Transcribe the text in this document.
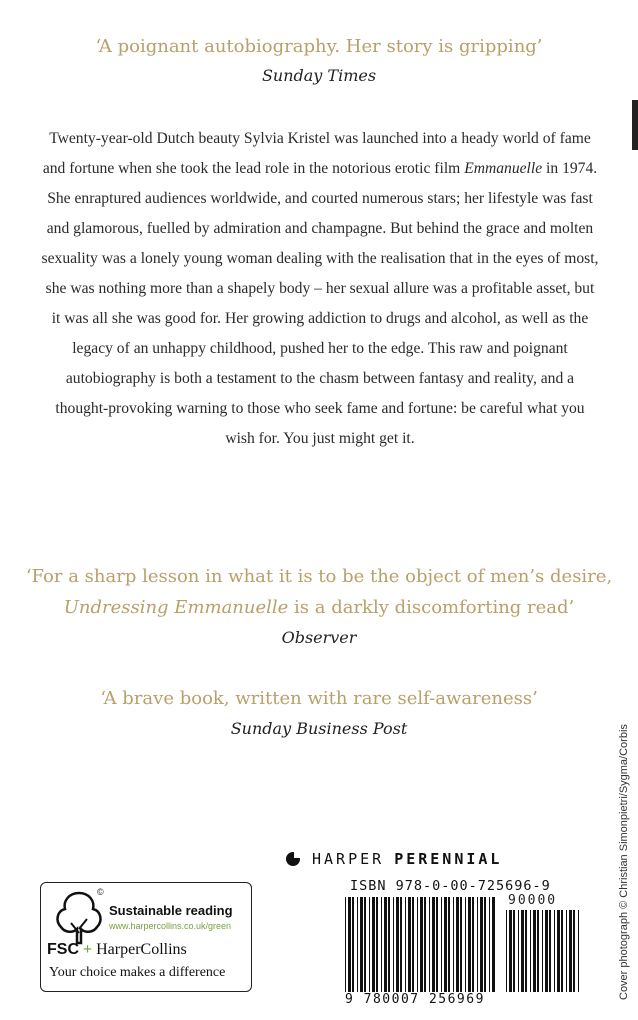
‘A poignant autobiography. Her story is gripping’
Sunday Times

Twenty-year-old Dutch beauty Sylvia Kristel was launched into a heady world of fame and fortune when she took the lead role in the notorious erotic film Emmanuelle in 1974. She enraptured audiences worldwide, and courted numerous stars; her lifestyle was fast and glamorous, fuelled by admiration and champagne. But behind the grace and molten sexuality was a lonely young woman dealing with the realisation that in the eyes of most, she was nothing more than a shapely body – her sexual allure was a profitable asset, but it was all she was good for. Her growing addiction to drugs and alcohol, as well as the legacy of an unhappy childhood, pushed her to the edge. This raw and poignant autobiography is both a testament to the chasm between fantasy and reality, and a thought-provoking warning to those who seek fame and fortune: be careful what you wish for. You just might get it.

‘For a sharp lesson in what it is to be the object of men’s desire,
Undressing Emmanuelle is a darkly discomforting read’
Observer
‘A brave book, written with rare self-awareness’
Sunday Business Post	Cover photograph © Christian Simonpietri/Sygma/Corbis
©
Sustainable reading
www.harpercollins.co.uk/green
FSC + HarperCollins
Your choice makes a difference
HARPER PERENNIAL
ISBN 978-0-00-725696-9
90000
9 780007 256969
